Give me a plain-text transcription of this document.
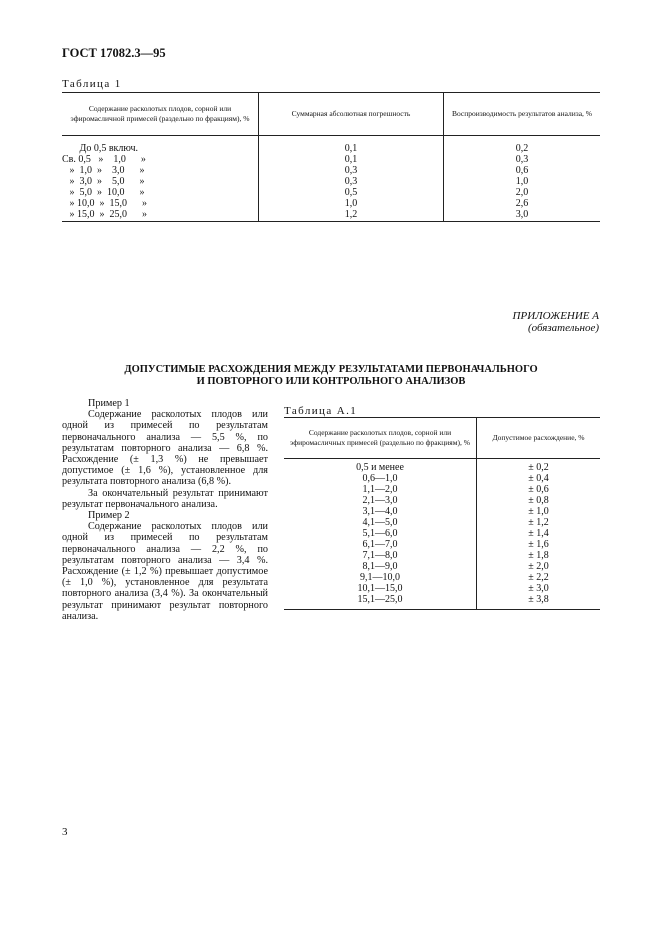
ГОСТ 17082.3—95
Таблица 1
Содержание расколотых плодов, сорной или эфиромасличной примесей (раздельно по фракциям), %	Суммарная абсолютная погрешность	Воспроизводимость результатов анализа, %
До 0,5 включ.	0,1	0,2
Св. 0,5   »    1,0      »	0,1	0,3
»  1,0  »    3,0      »	0,3	0,6
»  3,0  »    5,0      »	0,3	1,0
»  5,0  »  10,0      »	0,5	2,0
» 10,0  »  15,0      »	1,0	2,6
» 15,0  »  25,0      »	1,2	3,0
ПРИЛОЖЕНИЕ А
(обязательное)
ДОПУСТИМЫЕ РАСХОЖДЕНИЯ МЕЖДУ РЕЗУЛЬТАТАМИ ПЕРВОНАЧАЛЬНОГО
И ПОВТОРНОГО ИЛИ КОНТРОЛЬНОГО АНАЛИЗОВ

Пример 1

Содержание расколотых плодов или одной из примесей по результатам первоначального анализа — 5,5 %, по результатам повторного анализа — 6,8 %. Расхождение (± 1,3 %) не превышает допустимое (± 1,6 %), установленное для результата повторного анализа (6,8 %).

За окончательный результат принимают результат первоначального анализа.

Пример 2

Содержание расколотых плодов или одной из примесей по результатам первоначального анализа — 2,2 %, по результатам повторного анализа — 3,4 %. Расхождение (± 1,2 %) превышает допустимое (± 1,0 %), установленное для результата повторного анализа (3,4 %). За окончательный результат принимают результат повторного анализа.

Таблица А.1
Содержание расколотых плодов, сорной или эфиромасличных примесей (раздельно по фракциям), %	Допустимое расхождение, %
0,5 и менее	± 0,2
0,6—1,0	± 0,4
1,1—2,0	± 0,6
2,1—3,0	± 0,8
3,1—4,0	± 1,0
4,1—5,0	± 1,2
5,1—6,0	± 1,4
6,1—7,0	± 1,6
7,1—8,0	± 1,8
8,1—9,0	± 2,0
9,1—10,0	± 2,2
10,1—15,0	± 3,0
15,1—25,0	± 3,8
3
